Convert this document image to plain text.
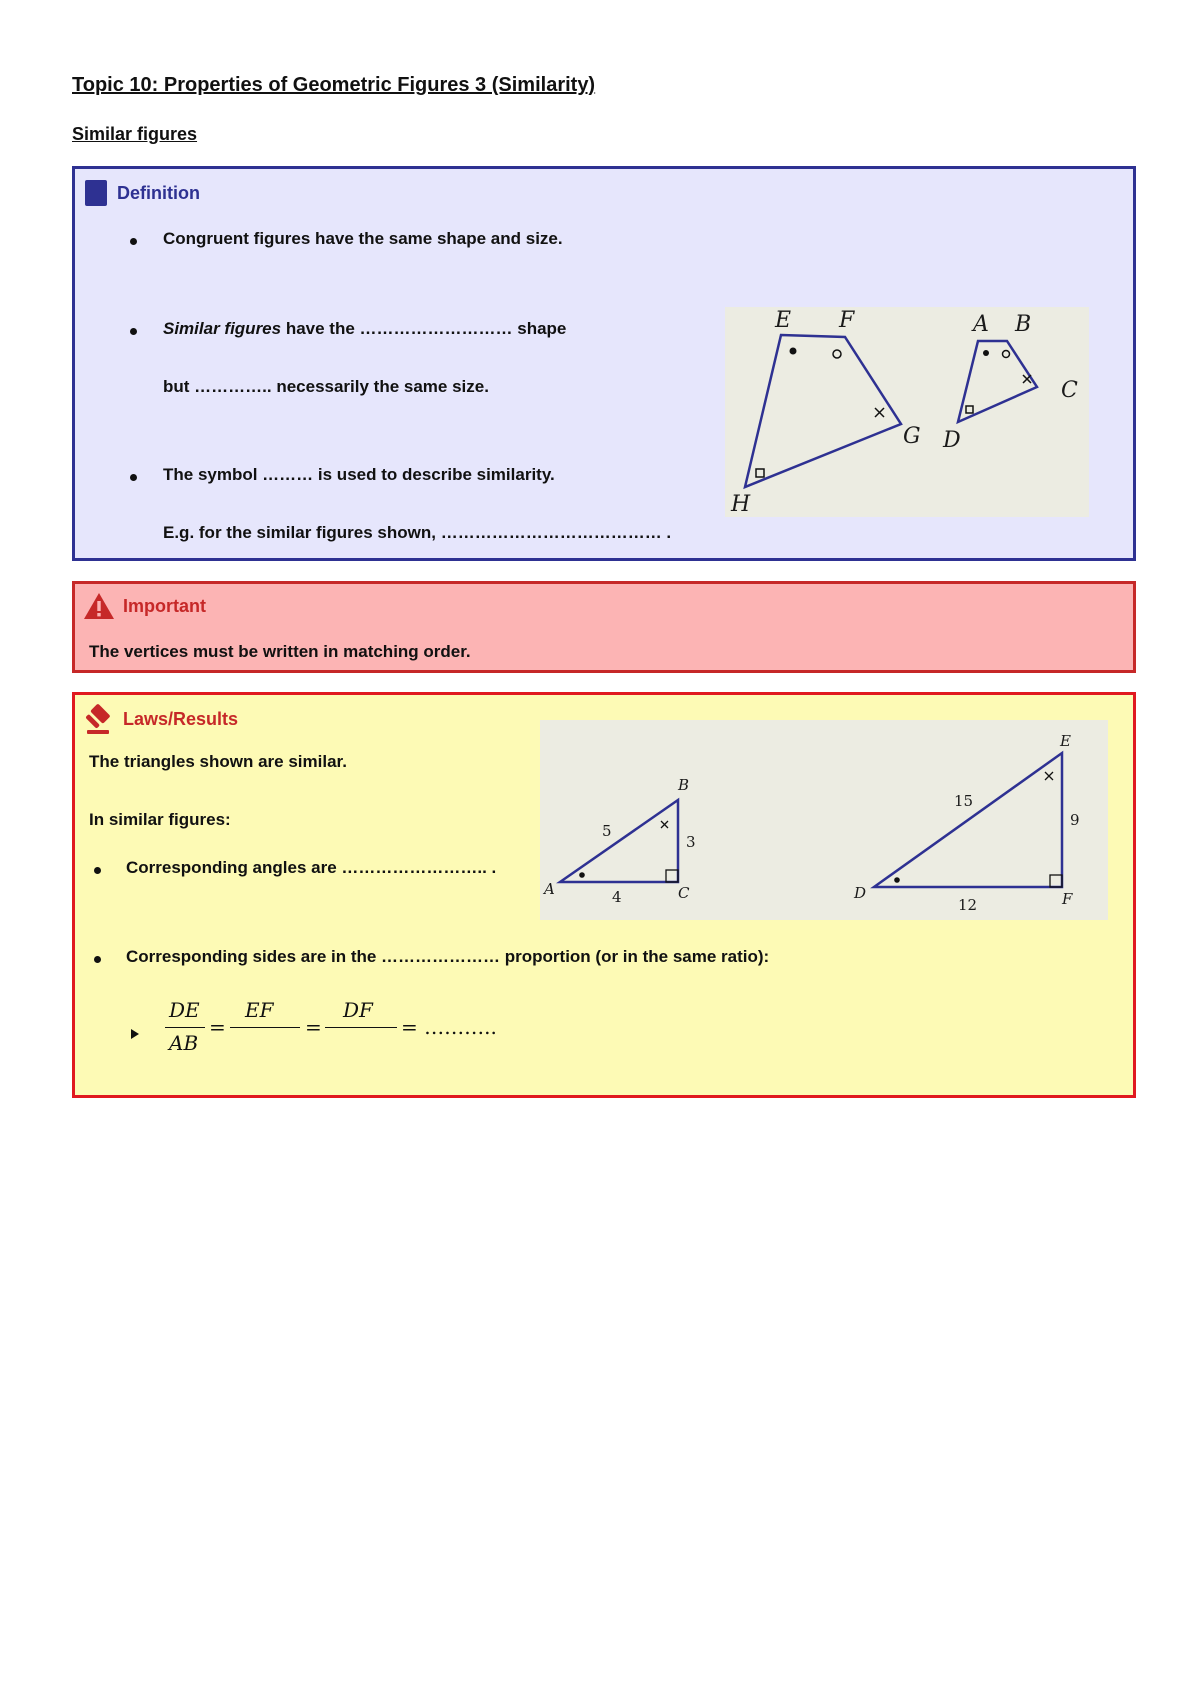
Topic 10: Properties of Geometric Figures 3 (Similarity)
Similar figures
Definition
Congruent figures have the same shape and size.
Similar figures have the ……………………… shape
but ………….. necessarily the same size.
The symbol ……… is used to describe similarity.
E.g. for the similar figures shown, ………………………………… .
E F
G
H
A B
C
D
Important
The vertices must be written in matching order.
Laws/Results
The triangles shown are similar.
In similar figures:
Corresponding angles are …………………….. .
Corresponding sides are in the ………………… proportion (or in the same ratio):
DE
AB
=
EF
=
DF
= ………..
A
B
C
5
3
4	D
E
F
15
9
12
